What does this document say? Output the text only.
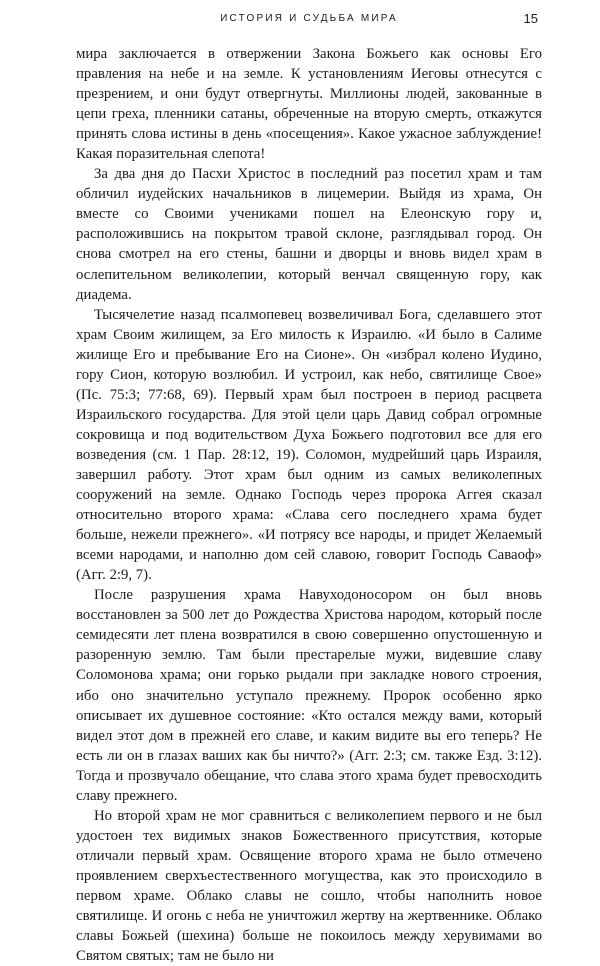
ИСТОРИЯ И СУДЬБА МИРА	15

мира заключается в отвержении Закона Божьего как основы Его правления на небе и на земле. К установлениям Иеговы отнесутся с презрением, и они будут отвергнуты. Миллионы людей, закованные в цепи греха, пленники сатаны, обреченные на вторую смерть, откажутся принять слова истины в день «посещения». Какое ужасное заблуждение! Какая поразительная слепота!

За два дня до Пасхи Христос в последний раз посетил храм и там обличил иудейских начальников в лицемерии. Выйдя из храма, Он вместе со Своими учениками пошел на Елеонскую гору и, расположившись на покрытом травой склоне, разглядывал город. Он снова смотрел на его стены, башни и дворцы и вновь видел храм в ослепительном великолепии, который венчал священную гору, как диадема.

Тысячелетие назад псалмопевец возвеличивал Бога, сделавшего этот храм Своим жилищем, за Его милость к Израилю. «И было в Салиме жилище Его и пребывание Его на Сионе». Он «избрал колено Иудино, гору Сион, которую возлюбил. И устроил, как небо, святилище Свое» (Пс. 75:3; 77:68, 69). Первый храм был построен в период расцвета Израильского государства. Для этой цели царь Давид собрал огромные сокровища и под водительством Духа Божьего подготовил все для его возведения (см. 1 Пар. 28:12, 19). Соломон, мудрейший царь Израиля, завершил работу. Этот храм был одним из самых великолепных сооружений на земле. Однако Господь через пророка Аггея сказал относительно второго храма: «Слава сего последнего храма будет больше, нежели прежнего». «И потрясу все народы, и придет Желаемый всеми народами, и наполню дом сей славою, говорит Господь Саваоф» (Агг. 2:9, 7).

После разрушения храма Навуходоносором он был вновь восстановлен за 500 лет до Рождества Христова народом, который после семидесяти лет плена возвратился в свою совершенно опустошенную и разоренную землю. Там были престарелые мужи, видевшие славу Соломонова храма; они горько рыдали при закладке нового строения, ибо оно значительно уступало прежнему. Пророк особенно ярко описывает их душевное состояние: «Кто остался между вами, который видел этот дом в прежней его славе, и каким видите вы его теперь? Не есть ли он в глазах ваших как бы ничто?» (Агг. 2:3; см. также Езд. 3:12). Тогда и прозвучало обещание, что слава этого храма будет превосходить славу прежнего.

Но второй храм не мог сравниться с великолепием первого и не был удостоен тех видимых знаков Божественного присутствия, которые отличали первый храм. Освящение второго храма не было отмечено проявлением сверхъестественного могущества, как это происходило в первом храме. Облако славы не сошло, чтобы наполнить новое святилище. И огонь с неба не уничтожил жертву на жертвеннике. Облако славы Божьей (шехина) больше не покоилось между херувимами во Святом святых; там не было ни
